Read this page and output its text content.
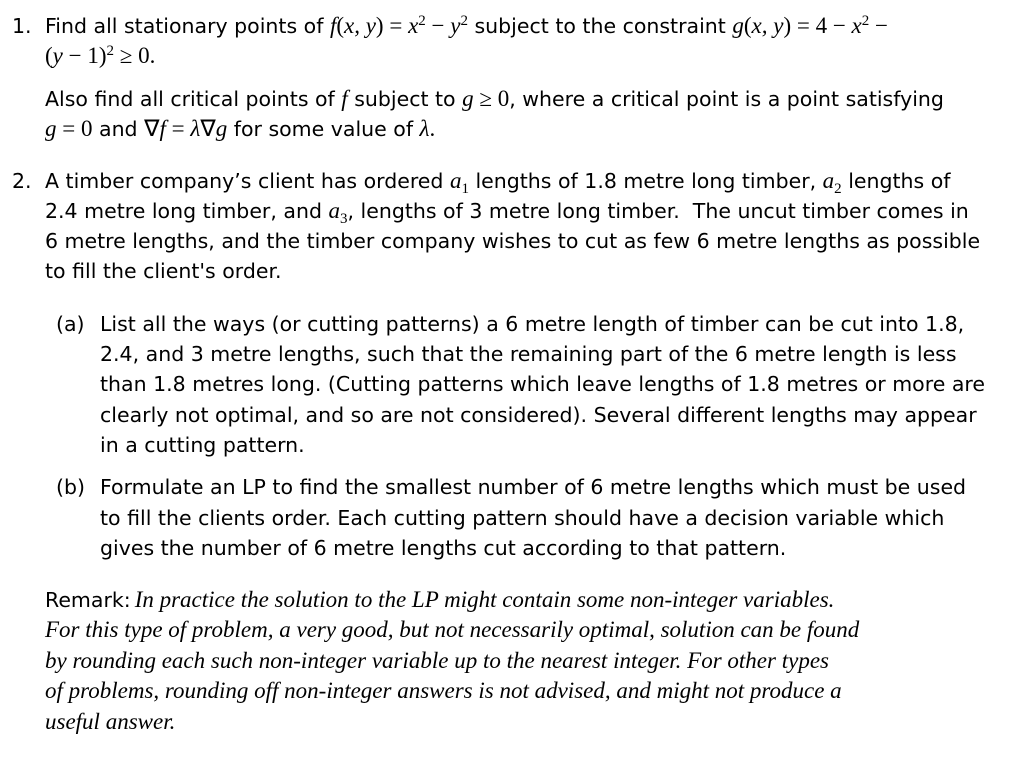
1. Find all stationary points of f(x, $y) = x^2 - y^2$ subject to the constraint g(x, $y) = 4 - x^2$ −
$(y - 1)^2 \ge 0$.
Also find all critical points of f subject to g ≥ 0, where a critical point is a point satisfying
g = 0 and ∇f = λ∇g for some value of λ.
2. A timber company’s client has ordered $a_1$ lengths of 1.8 metre long timber, $a_2$ lengths of
2.4 metre long timber, and $a_3$, lengths of 3 metre long timber.  The uncut timber comes in
6 metre lengths, and the timber company wishes to cut as few 6 metre lengths as possible
to fill the client's order.
(a) List all the ways (or cutting patterns) a 6 metre length of timber can be cut into 1.8,
2.4, and 3 metre lengths, such that the remaining part of the 6 metre length is less
than 1.8 metres long. (Cutting patterns which leave lengths of 1.8 metres or more are
clearly not optimal, and so are not considered). Several different lengths may appear
in a cutting pattern.
(b) Formulate an LP to find the smallest number of 6 metre lengths which must be used
to fill the clients order. Each cutting pattern should have a decision variable which
gives the number of 6 metre lengths cut according to that pattern.
Remark: In practice the solution to the LP might contain some non-integer variables.
For this type of problem, a very good, but not necessarily optimal, solution can be found
by rounding each such non-integer variable up to the nearest integer. For other types
of problems, rounding off non-integer answers is not advised, and might not produce a
useful answer.
